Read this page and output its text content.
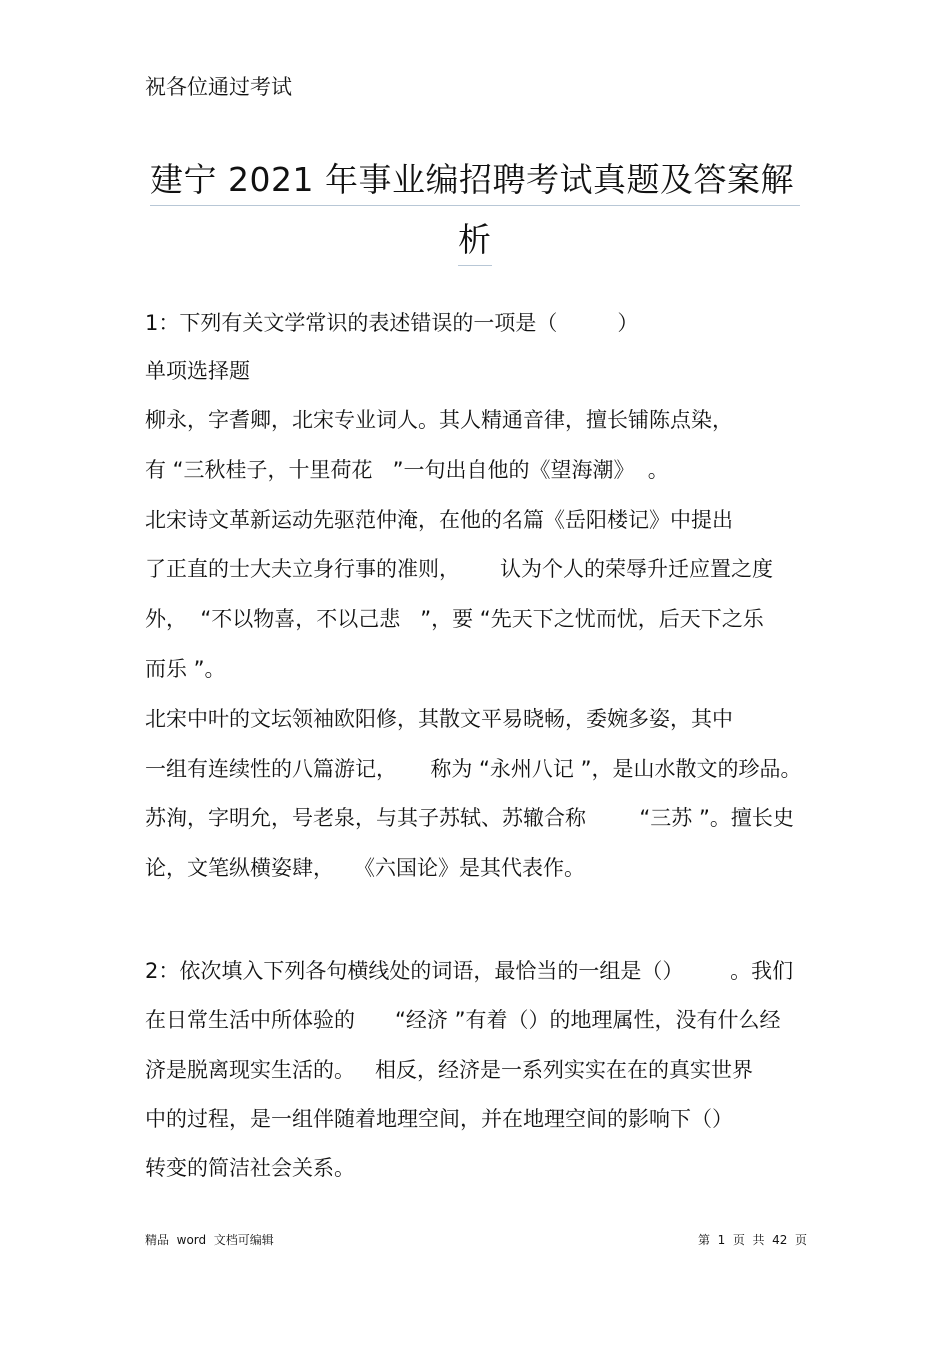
祝各位通过考试
建宁 2021 年事业编招聘考试真题及答案解
析
1：下列有关文学常识的表述错误的一项是（         ）
单项选择题
柳永，字耆卿，北宋专业词人。其人精通音律，擅长铺陈点染，
有 “三秋桂子，十里荷花   ”一句出自他的《望海潮》  。
北宋诗文革新运动先驱范仲淹，在他的名篇《岳阳楼记》中提出
了正直的士大夫立身行事的准则，      认为个人的荣辱升迁应置之度
外，  “不以物喜，不以己悲   ”，要 “先天下之忧而忧，后天下之乐
而乐 ”。
北宋中叶的文坛领袖欧阳修，其散文平易晓畅，委婉多姿，其中
一组有连续性的八篇游记，     称为 “永州八记 ”，是山水散文的珍品。
苏洵，字明允，号老泉，与其子苏轼、苏辙合称        “三苏 ”。擅长史
论，文笔纵横姿肆，   《六国论》是其代表作。
2：依次填入下列各句横线处的词语，最恰当的一组是（）       。我们
在日常生活中所体验的      “经济 ”有着（）的地理属性，没有什么经
济是脱离现实生活的。   相反，经济是一系列实实在在的真实世界
中的过程，是一组伴随着地理空间，并在地理空间的影响下（）
转变的简洁社会关系。
精品  word  文档可编辑	第  1  页  共  42  页
